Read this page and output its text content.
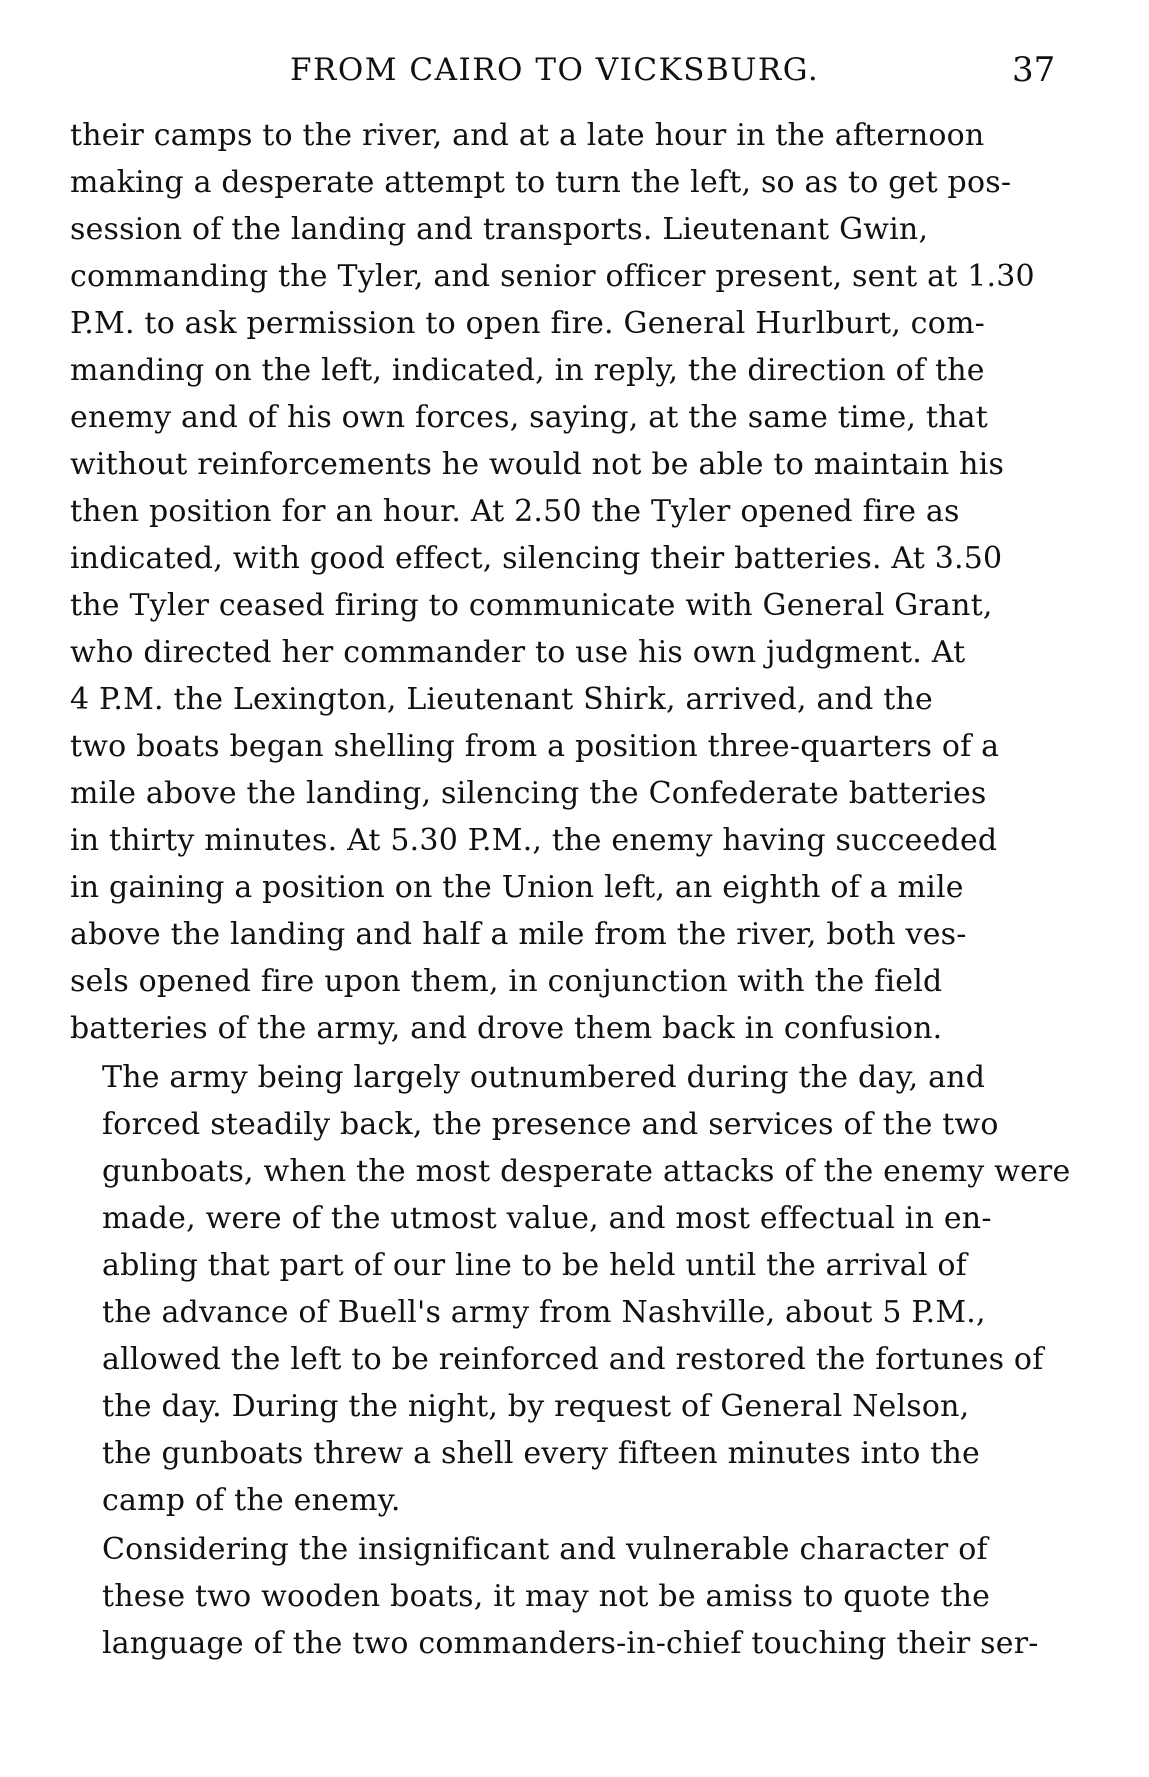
FROM CAIRO TO VICKSBURG.	37

their camps to the river, and at a late hour in the afternoon
making a desperate attempt to turn the left, so as to get pos-
session of the landing and transports. Lieutenant Gwin,
commanding the Tyler, and senior officer present, sent at 1.30
P.M. to ask permission to open fire. General Hurlburt, com-
manding on the left, indicated, in reply, the direction of the
enemy and of his own forces, saying, at the same time, that
without reinforcements he would not be able to maintain his
then position for an hour. At 2.50 the Tyler opened fire as
indicated, with good effect, silencing their batteries. At 3.50
the Tyler ceased firing to communicate with General Grant,
who directed her commander to use his own judgment. At
4 P.M. the Lexington, Lieutenant Shirk, arrived, and the
two boats began shelling from a position three-quarters of a
mile above the landing, silencing the Confederate batteries
in thirty minutes. At 5.30 P.M., the enemy having succeeded
in gaining a position on the Union left, an eighth of a mile
above the landing and half a mile from the river, both ves-
sels opened fire upon them, in conjunction with the field
batteries of the army, and drove them back in confusion.

The army being largely outnumbered during the day, and
forced steadily back, the presence and services of the two
gunboats, when the most desperate attacks of the enemy were
made, were of the utmost value, and most effectual in en-
abling that part of our line to be held until the arrival of
the advance of Buell's army from Nashville, about 5 P.M.,
allowed the left to be reinforced and restored the fortunes of
the day. During the night, by request of General Nelson,
the gunboats threw a shell every fifteen minutes into the
camp of the enemy.

Considering the insignificant and vulnerable character of
these two wooden boats, it may not be amiss to quote the
language of the two commanders-in-chief touching their ser-
